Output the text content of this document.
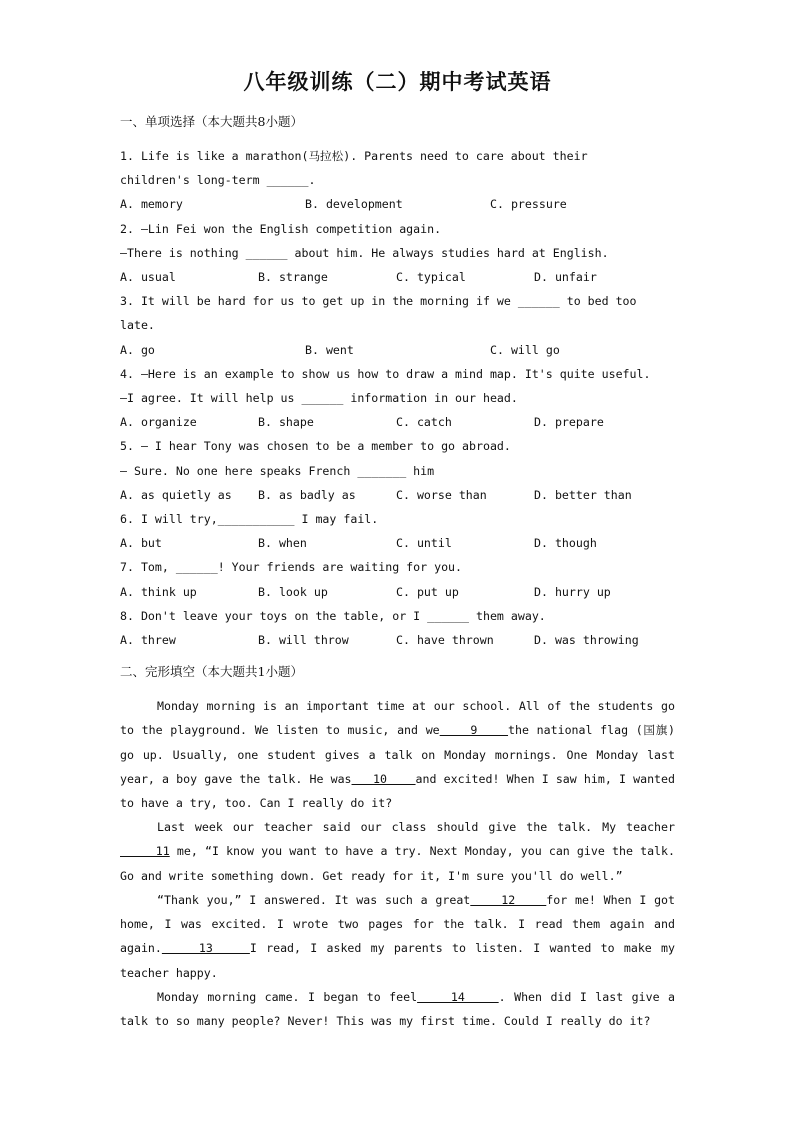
八年级训练（二）期中考试英语
一、单项选择（本大题共8小题）
1. Life is like a marathon(马拉松). Parents need to care about their
children's long-term ______.
A. memory	B. development	C. pressure
2. —Lin Fei won the English competition again.
—There is nothing ______ about him. He always studies hard at English.
A. usual	B. strange	C. typical	D. unfair
3. It will be hard for us to get up in the morning if we ______ to bed too
late.
A. go	B. went	C. will go
4. —Here is an example to show us how to draw a mind map. It's quite useful.
—I agree. It will help us ______ information in our head.
A. organize	B. shape	C. catch	D. prepare
5. — I hear Tony was chosen to be a member to go abroad.
— Sure. No one here speaks French _______ him
A. as quietly as	B. as badly as	C. worse than	D. better than
6. I will try,___________ I may fail.
A. but	B. when	C. until	D. though
7. Tom, ______! Your friends are waiting for you.
A. think up	B. look up	C. put up	D. hurry up
8. Don't leave your toys on the table, or I ______ them away.
A. threw	B. will throw	C. have thrown	D. was throwing
二、完形填空（本大题共1小题）

Monday morning is an important time at our school. All of the students go to the playground. We listen to music, and we    9    the national flag (国旗) go up. Usually, one student gives a talk on Monday mornings. One Monday last year, a boy gave the talk. He was   10    and excited! When I saw him, I wanted to have a try, too. Can I really do it?

Last week our teacher said our class should give the talk. My teacher     11 me, “I know you want to have a try. Next Monday, you can give the talk. Go and write something down. Get ready for it, I'm sure you'll do well.”

“Thank you,” I answered. It was such a great    12    for me! When I got home, I was excited. I wrote two pages for the talk. I read them again and again.    13    I read, I asked my parents to listen. I wanted to make my teacher happy.

Monday morning came. I began to feel    14    . When did I last give a talk to so many people? Never! This was my first time. Could I really do it?
